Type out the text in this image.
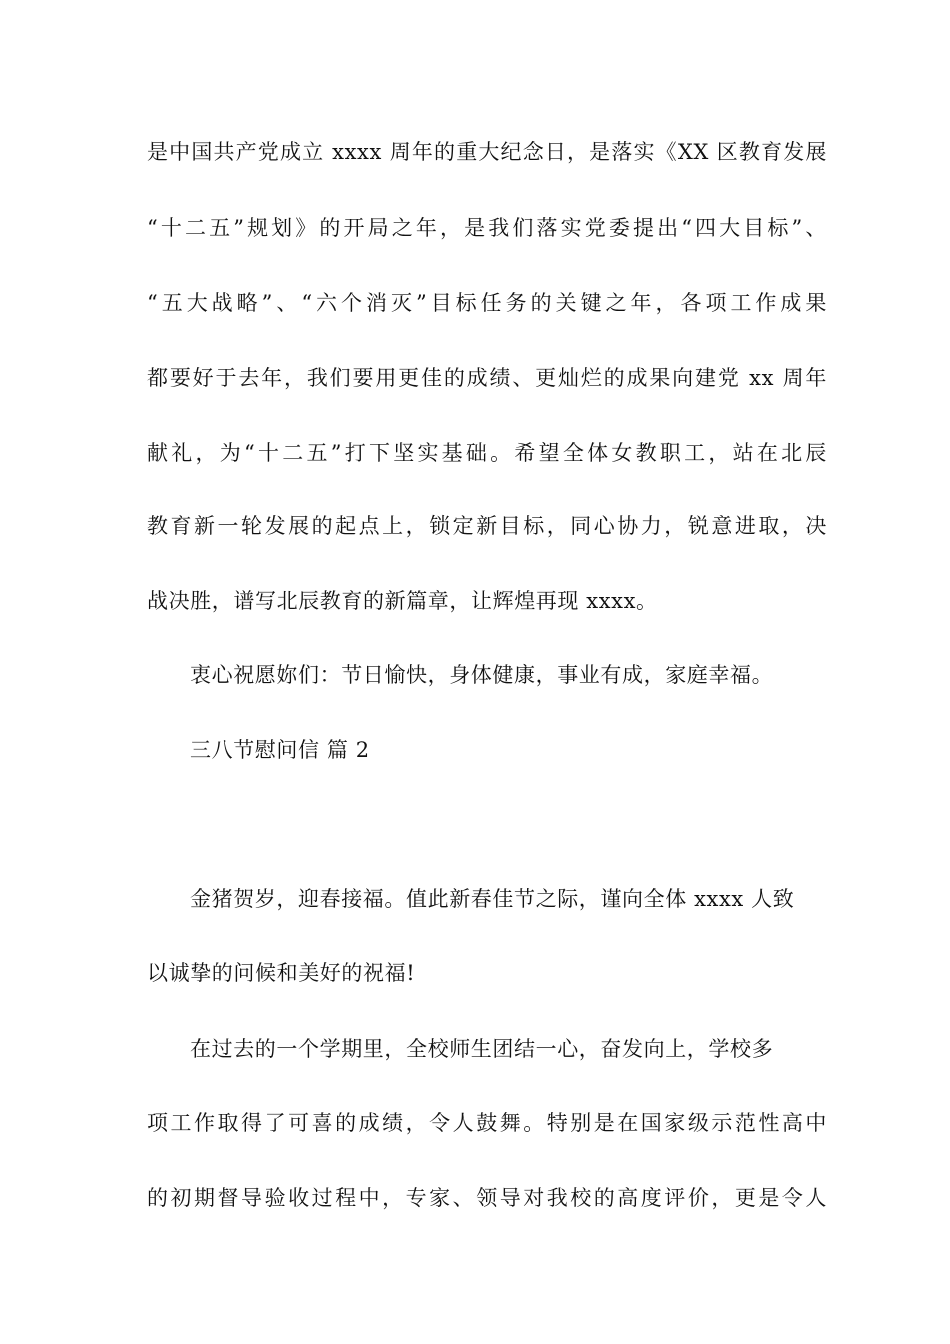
是中国共产党成立 xxxx 周年的重大纪念日，是落实《XX 区教育发展
“十二五”规划》的开局之年，是我们落实党委提出“四大目标”、
“五大战略”、“六个消灭”目标任务的关键之年，各项工作成果
都要好于去年，我们要用更佳的成绩、更灿烂的成果向建党 xx 周年
献礼，为“十二五”打下坚实基础。希望全体女教职工，站在北辰
教育新一轮发展的起点上，锁定新目标，同心协力，锐意进取，决
战决胜，谱写北辰教育的新篇章，让辉煌再现 xxxx。
衷心祝愿妳们：节日愉快，身体健康，事业有成，家庭幸福。
三八节慰问信 篇 2
金猪贺岁，迎春接福。值此新春佳节之际，谨向全体 xxxx 人致
以诚挚的问候和美好的祝福!
在过去的一个学期里，全校师生团结一心，奋发向上，学校多
项工作取得了可喜的成绩，令人鼓舞。特别是在国家级示范性高中
的初期督导验收过程中，专家、领导对我校的高度评价，更是令人
